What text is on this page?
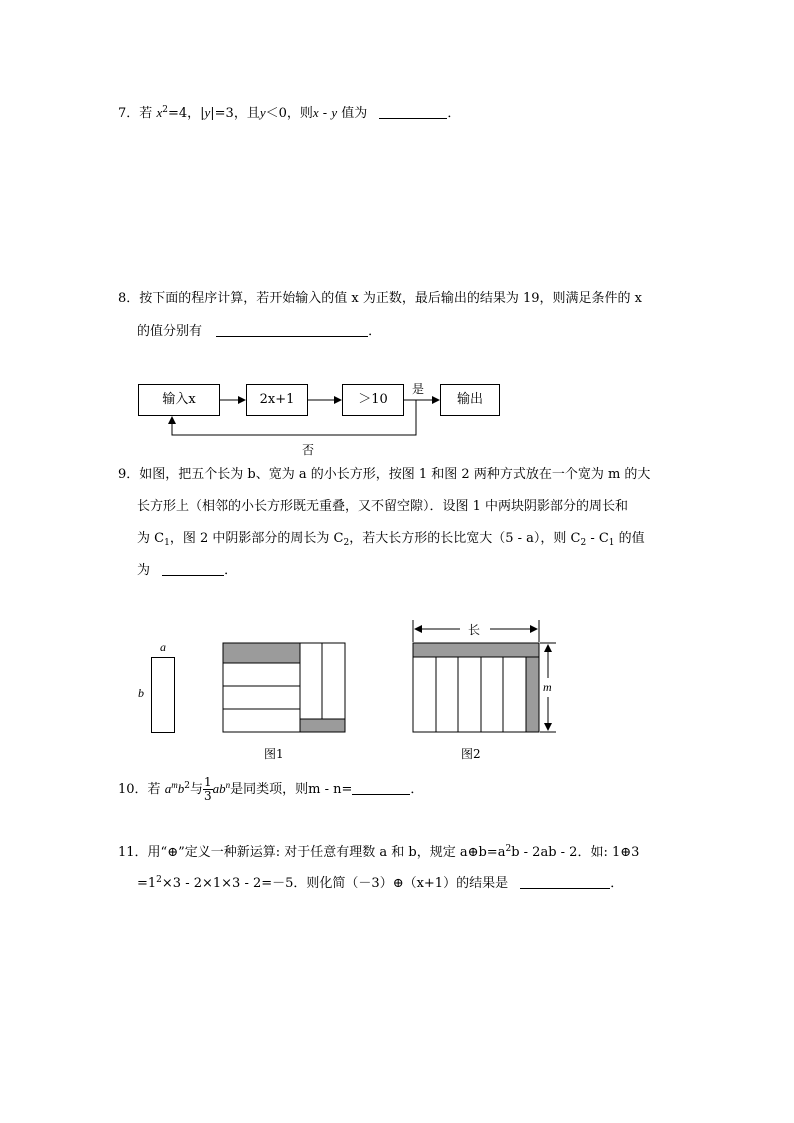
7．若 $x^2=4$，|y|=3，且y＜0，则x - y 值为	．
8．按下面的程序计算，若开始输入的值 x 为正数，最后输出的结果为 19，则满足条件的 x
的值分别有	．
输入x	2x+1	＞10	输出
是
否
9．如图，把五个长为 b、宽为 a 的小长方形，按图 1 和图 2 两种方式放在一个宽为 m 的大
长方形上（相邻的小长方形既无重叠，又不留空隙）．设图 1 中两块阴影部分的周长和
为 $C_1$，图 2 中阴影部分的周长为 $C_2$，若大长方形的长比宽大（5 - a），则 $C_2 - C_1$ 的值
为	．
a
b
图1
长
m
图2
10．若 $a^mb^2$与 $\frac{1}{3} ab^n$是同类项，则m - n=	．
11．用“⊕”定义一种新运算: 对于任意有理数 a 和 b，规定 $a\oplus b=a^2b - 2ab - 2$．如: 1⊕3
$=1^2\times 3 - 2\times 1\times 3 - 2=-5$．则化简（－3）⊕（x+1）的结果是	．
